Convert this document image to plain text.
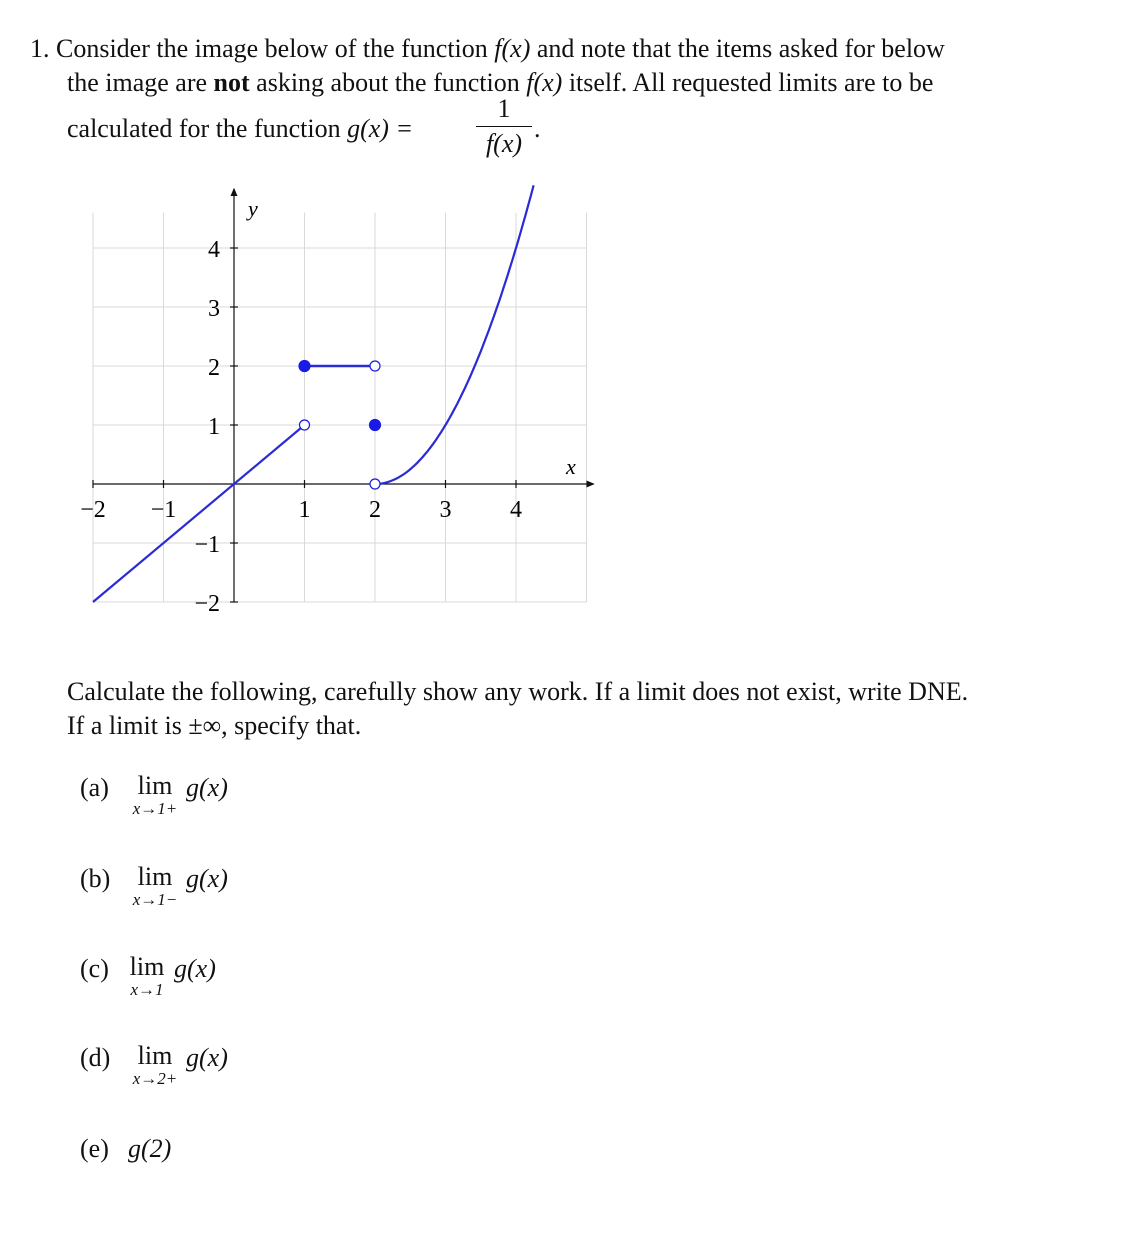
1. Consider the image below of the function f(x) and note that the items asked for below
the image are not asking about the function f(x) itself. All requested limits are to be
calculated for the function g(x) =
1
f(x)
.
−2 −1	1 2 3 4
4
3
2
1
−1
−2
x
y
Calculate the following, carefully show any work. If a limit does not exist, write DNE.
If a limit is ±∞, specify that.
(a)	lim
x→1+
g(x)
(b)	lim
x→1−
g(x)
(c) lim
x→1
g(x)
(d)	lim
x→2+
g(x)
(e) g(2)
